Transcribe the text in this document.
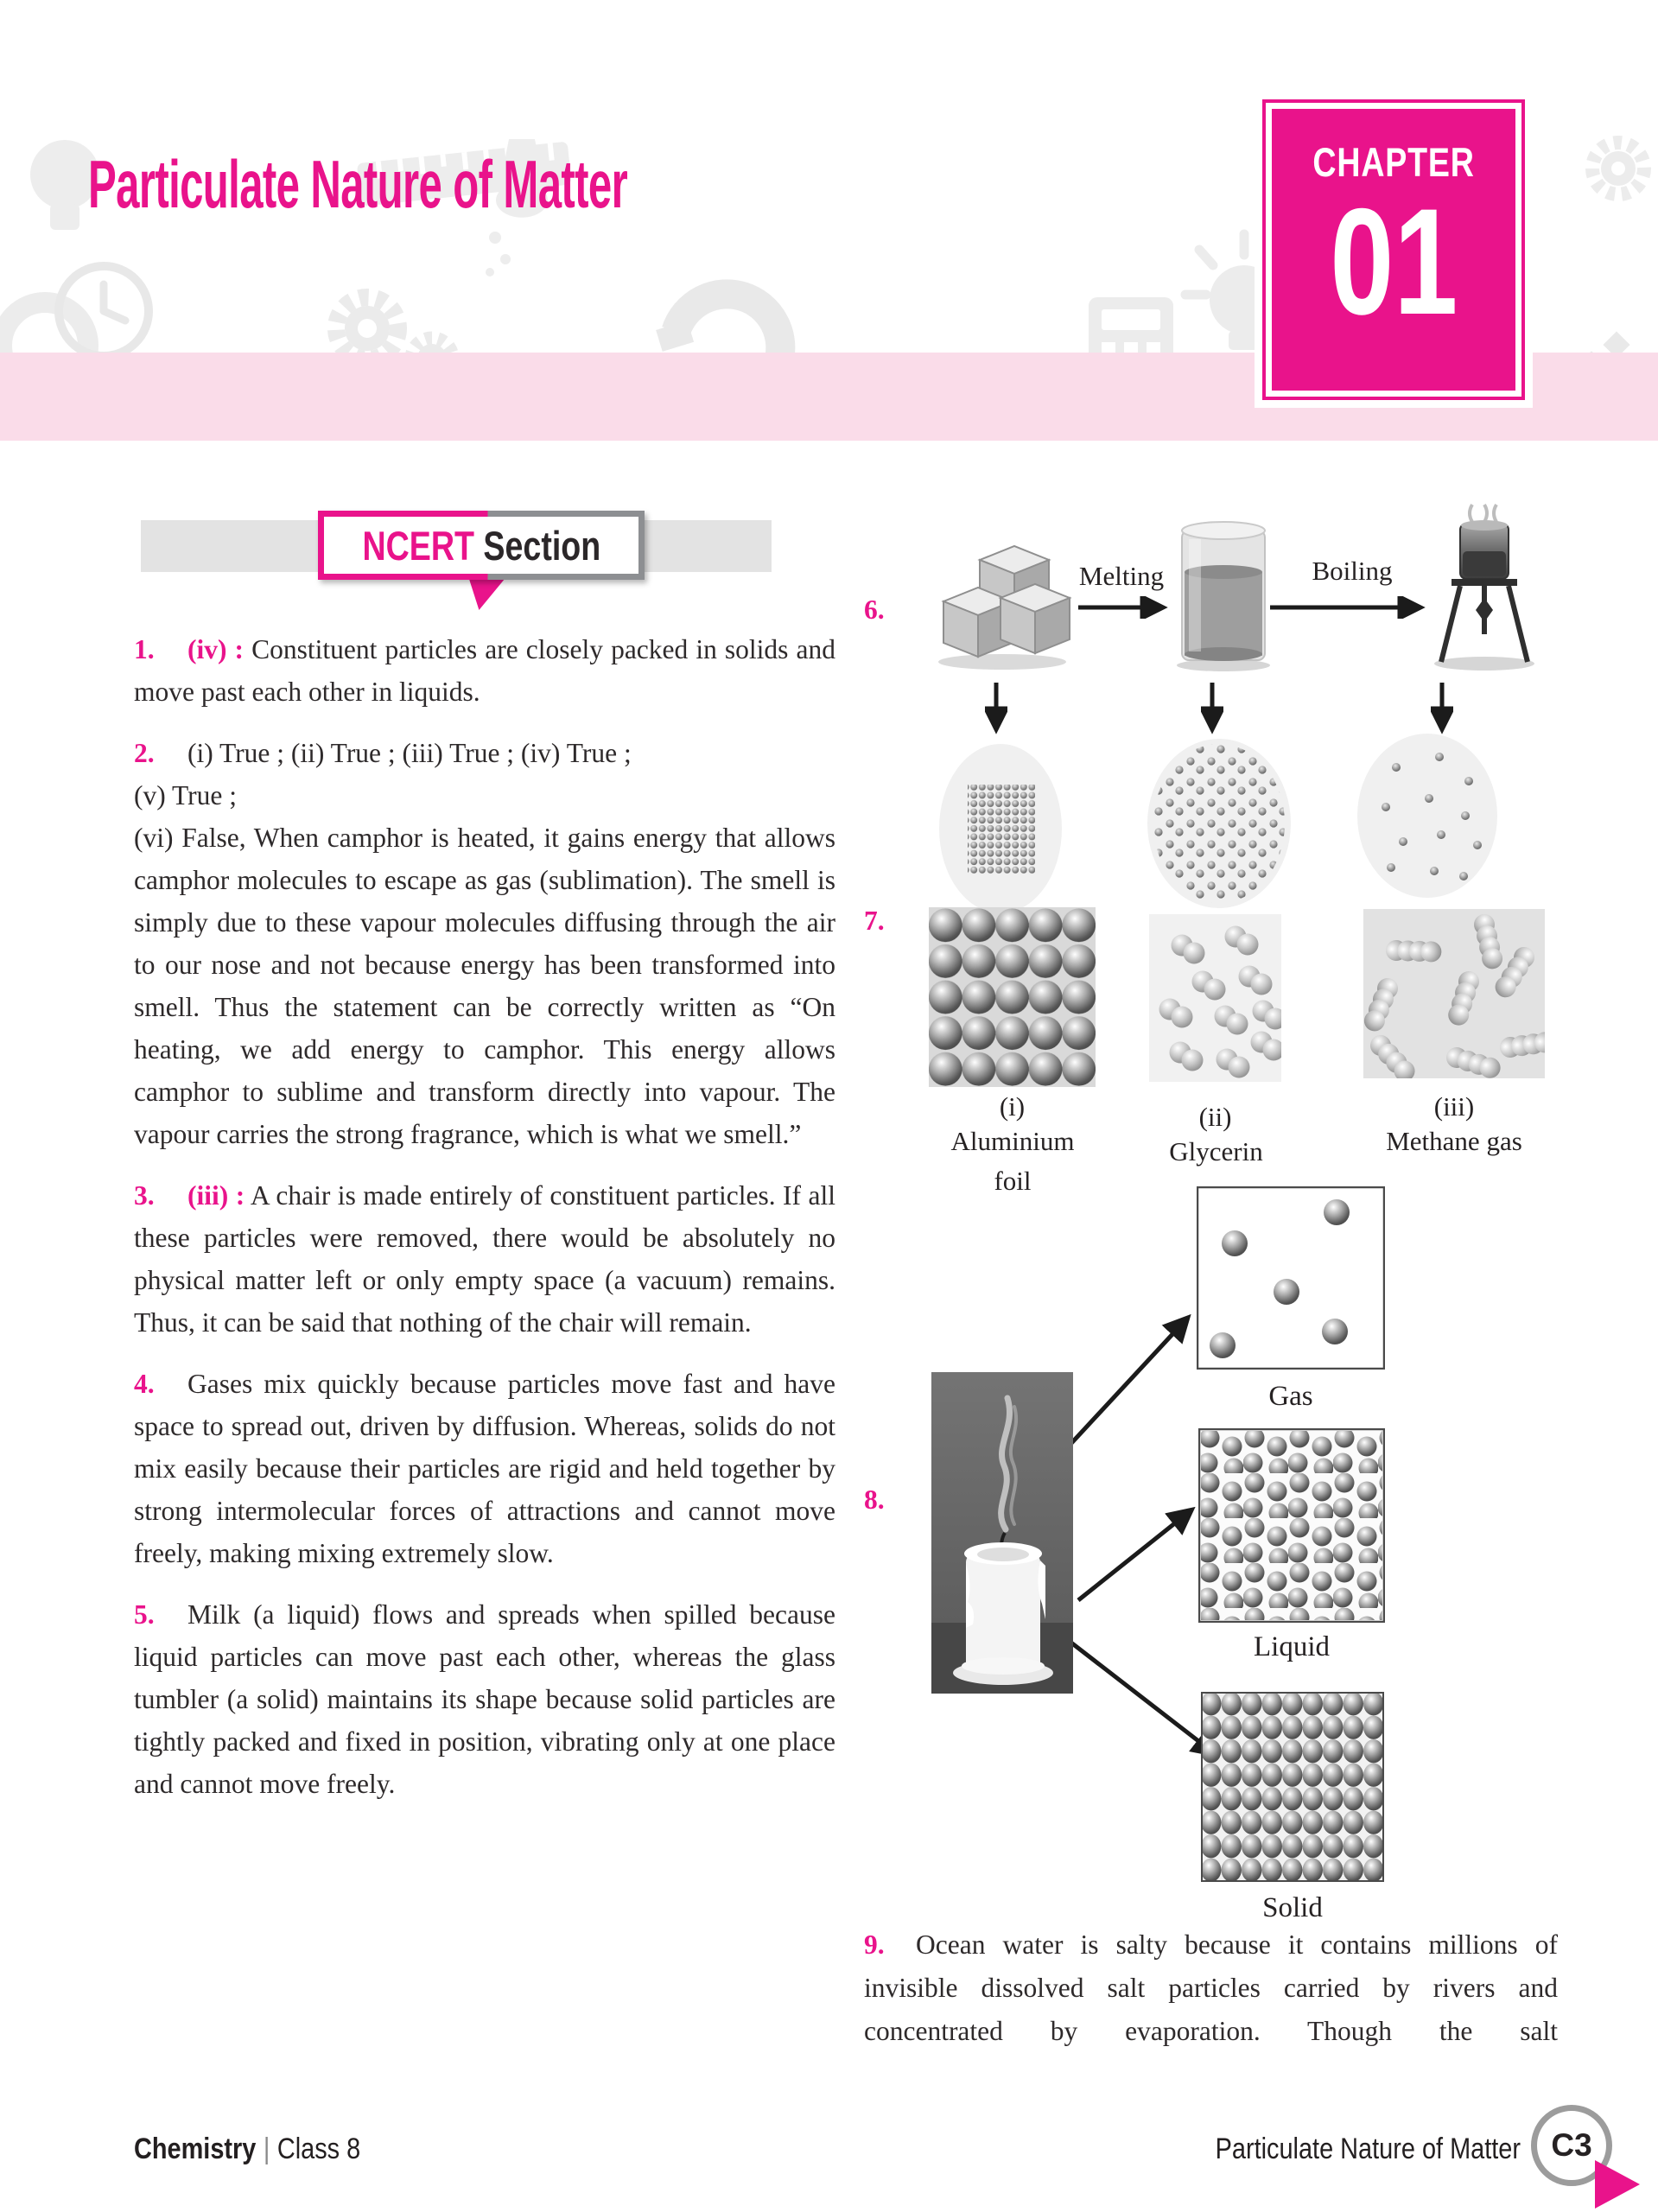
Particulate Nature of Matter	CHAPTER
01
NCERT Section

1. (iv) : Constituent particles are closely packed in solids and move past each other in liquids.

2. (i) True ; (ii) True ; (iii) True ; (iv) True ;
(v) True ;
(vi) False, When camphor is heated, it gains energy that allows camphor molecules to escape as gas (sublimation). The smell is simply due to these vapour molecules diffusing through the air to our nose and not because energy has been transformed into smell. Thus the statement can be correctly written as “On heating, we add energy to camphor. This energy allows camphor to sublime and transform directly into vapour. The vapour carries the strong fragrance, which is what we smell.”

3. (iii) : A chair is made entirely of constituent particles. If all these particles were removed, there would be absolutely no physical matter left or only empty space (a vacuum) remains. Thus, it can be said that nothing of the chair will remain.

4. Gases mix quickly because particles move fast and have space to spread out, driven by diffusion. Whereas, solids do not mix easily because their particles are rigid and held together by strong intermolecular forces of attractions and cannot move freely, making mixing extremely slow.

5. Milk (a liquid) flows and spreads when spilled because liquid particles can move past each other, whereas the glass tumbler (a solid) maintains its shape because solid particles are tightly packed and fixed in position, vibrating only at one place and cannot move freely.

6.
Melting	Boiling
7.
(i)
Aluminium foil
(ii)
Glycerin
(iii)
Methane gas
8.
Gas
Liquid
Solid
9. Ocean water is salty because it contains millions of invisible dissolved salt particles carried by rivers and concentrated by evaporation. Though the salt
Chemistry | Class 8	Particulate Nature of Matter C3
